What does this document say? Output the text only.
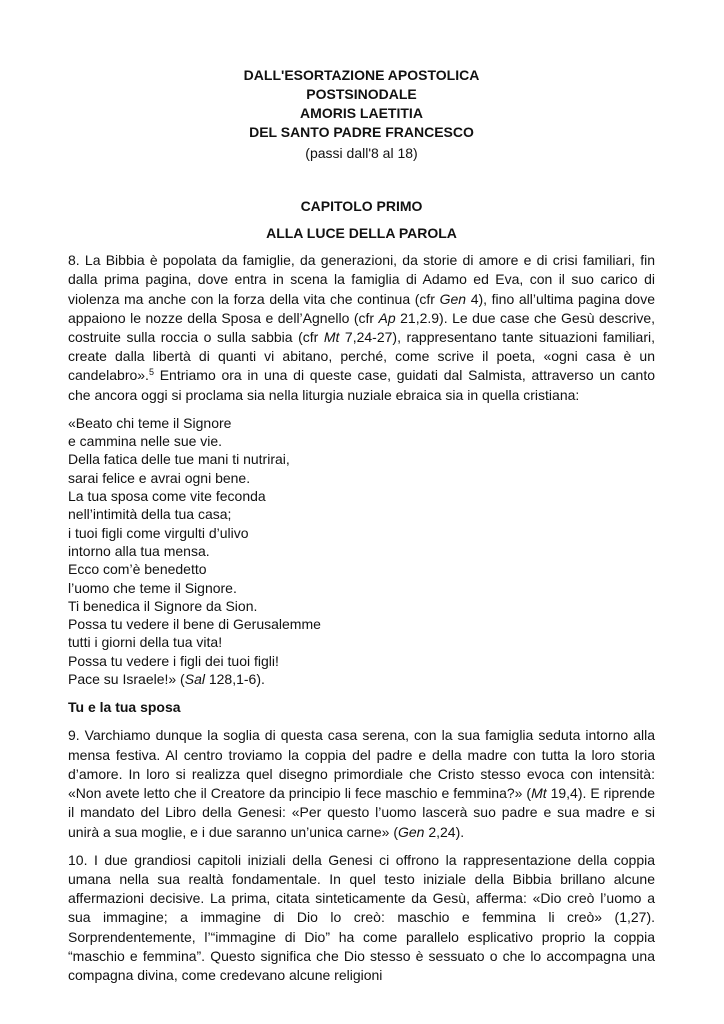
DALL'ESORTAZIONE APOSTOLICA
POSTSINODALE
AMORIS LAETITIA
DEL SANTO PADRE FRANCESCO
(passi dall'8 al 18)
CAPITOLO PRIMO
ALLA LUCE DELLA PAROLA

8. La Bibbia è popolata da famiglie, da generazioni, da storie di amore e di crisi familiari, fin dalla prima pagina, dove entra in scena la famiglia di Adamo ed Eva, con il suo carico di violenza ma anche con la forza della vita che continua (cfr Gen 4), fino all’ultima pagina dove appaiono le nozze della Sposa e dell’Agnello (cfr Ap 21,2.9). Le due case che Gesù descrive, costruite sulla roccia o sulla sabbia (cfr Mt 7,24-27), rappresentano tante situazioni familiari, create dalla libertà di quanti vi abitano, perché, come scrive il poeta, «ogni casa è un candelabro».$^5$ Entriamo ora in una di queste case, guidati dal Salmista, attraverso un canto che ancora oggi si proclama sia nella liturgia nuziale ebraica sia in quella cristiana:

«Beato chi teme il Signore
e cammina nelle sue vie.
Della fatica delle tue mani ti nutrirai,
sarai felice e avrai ogni bene.
La tua sposa come vite feconda
nell’intimità della tua casa;
i tuoi figli come virgulti d’ulivo
intorno alla tua mensa.
Ecco com’è benedetto
l’uomo che teme il Signore.
Ti benedica il Signore da Sion.
Possa tu vedere il bene di Gerusalemme
tutti i giorni della tua vita!
Possa tu vedere i figli dei tuoi figli!
Pace su Israele!» (Sal 128,1-6).
Tu e la tua sposa

9. Varchiamo dunque la soglia di questa casa serena, con la sua famiglia seduta intorno alla mensa festiva. Al centro troviamo la coppia del padre e della madre con tutta la loro storia d’amore. In loro si realizza quel disegno primordiale che Cristo stesso evoca con intensità: «Non avete letto che il Creatore da principio li fece maschio e femmina?» (Mt 19,4). E riprende il mandato del Libro della Genesi: «Per questo l’uomo lascerà suo padre e sua madre e si unirà a sua moglie, e i due saranno un’unica carne» (Gen 2,24).

10. I due grandiosi capitoli iniziali della Genesi ci offrono la rappresentazione della coppia umana nella sua realtà fondamentale. In quel testo iniziale della Bibbia brillano alcune affermazioni decisive. La prima, citata sinteticamente da Gesù, afferma: «Dio creò l’uomo a sua immagine; a immagine di Dio lo creò: maschio e femmina li creò» (1,27). Sorprendentemente, l’“immagine di Dio” ha come parallelo esplicativo proprio la coppia “maschio e femmina”. Questo significa che Dio stesso è sessuato o che lo accompagna una compagna divina, come credevano alcune religioni
